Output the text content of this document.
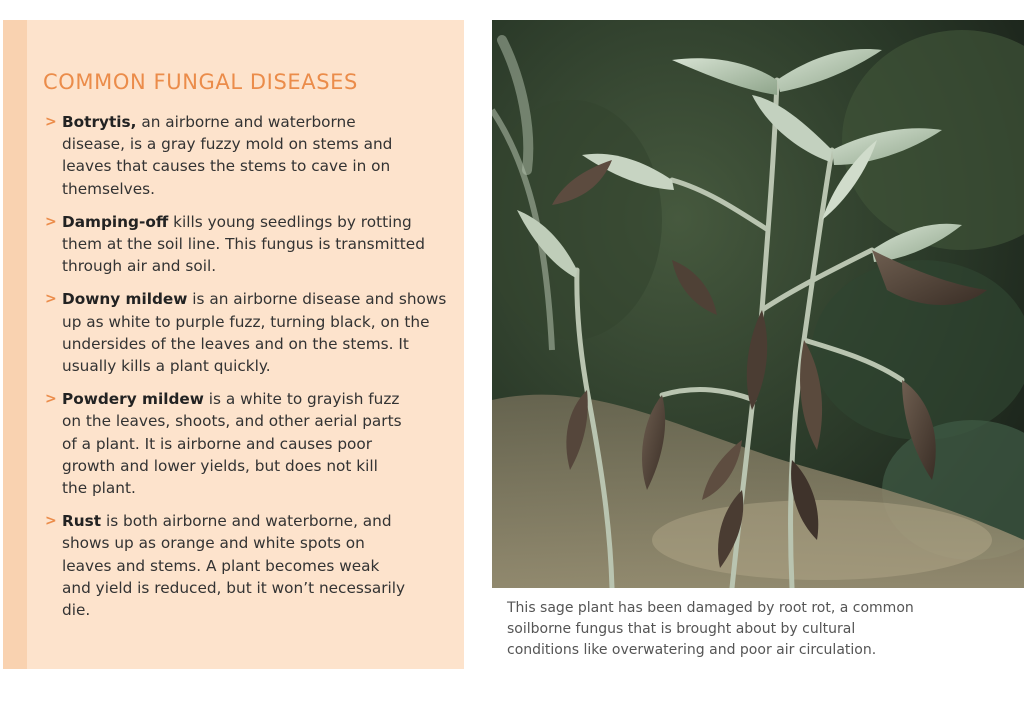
COMMON FUNGAL DISEASES
> Botrytis, an airborne and waterborne disease, is a gray fuzzy mold on stems and leaves that causes the stems to cave in on themselves.
> Damping-off kills young seedlings by rotting them at the soil line. This fungus is transmitted through air and soil.
> Downy mildew is an airborne disease and shows up as white to purple fuzz, turning black, on the undersides of the leaves and on the stems. It usually kills a plant quickly.
> Powdery mildew is a white to grayish fuzz on the leaves, shoots, and other aerial parts of a plant. It is airborne and causes poor growth and lower yields, but does not kill the plant.
> Rust is both airborne and waterborne, and shows up as orange and white spots on leaves and stems. A plant becomes weak and yield is reduced, but it won’t necessarily die.	This sage plant has been damaged by root rot, a common soilborne fungus that is brought about by cultural conditions like overwatering and poor air circulation.
